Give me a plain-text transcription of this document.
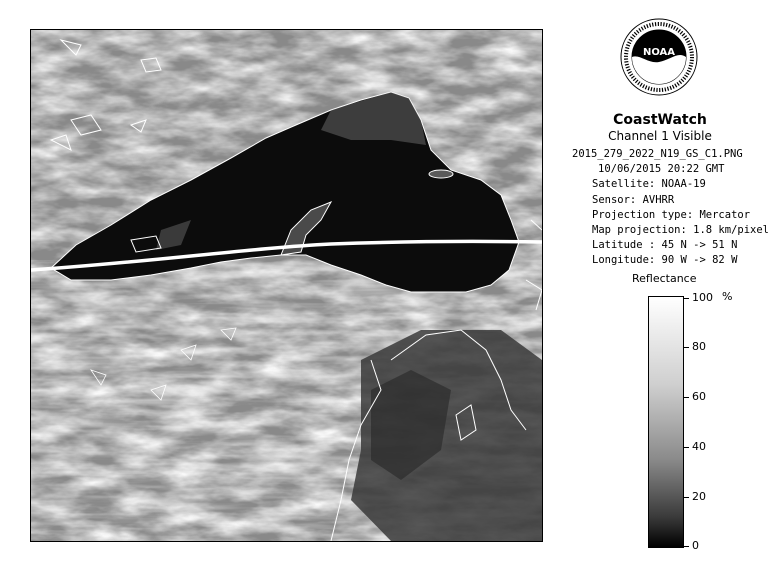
NOAA
CoastWatch
Channel 1 Visible
2015_279_2022_N19_GS_C1.PNG
10/06/2015 20:22 GMT
Satellite: NOAA-19
Sensor: AVHRR
Projection type: Mercator
Map projection: 1.8 km/pixel
Latitude : 45 N -> 51 N
Longitude: 90 W -> 82 W
Reflectance
%
100
80
60
40
20
0
